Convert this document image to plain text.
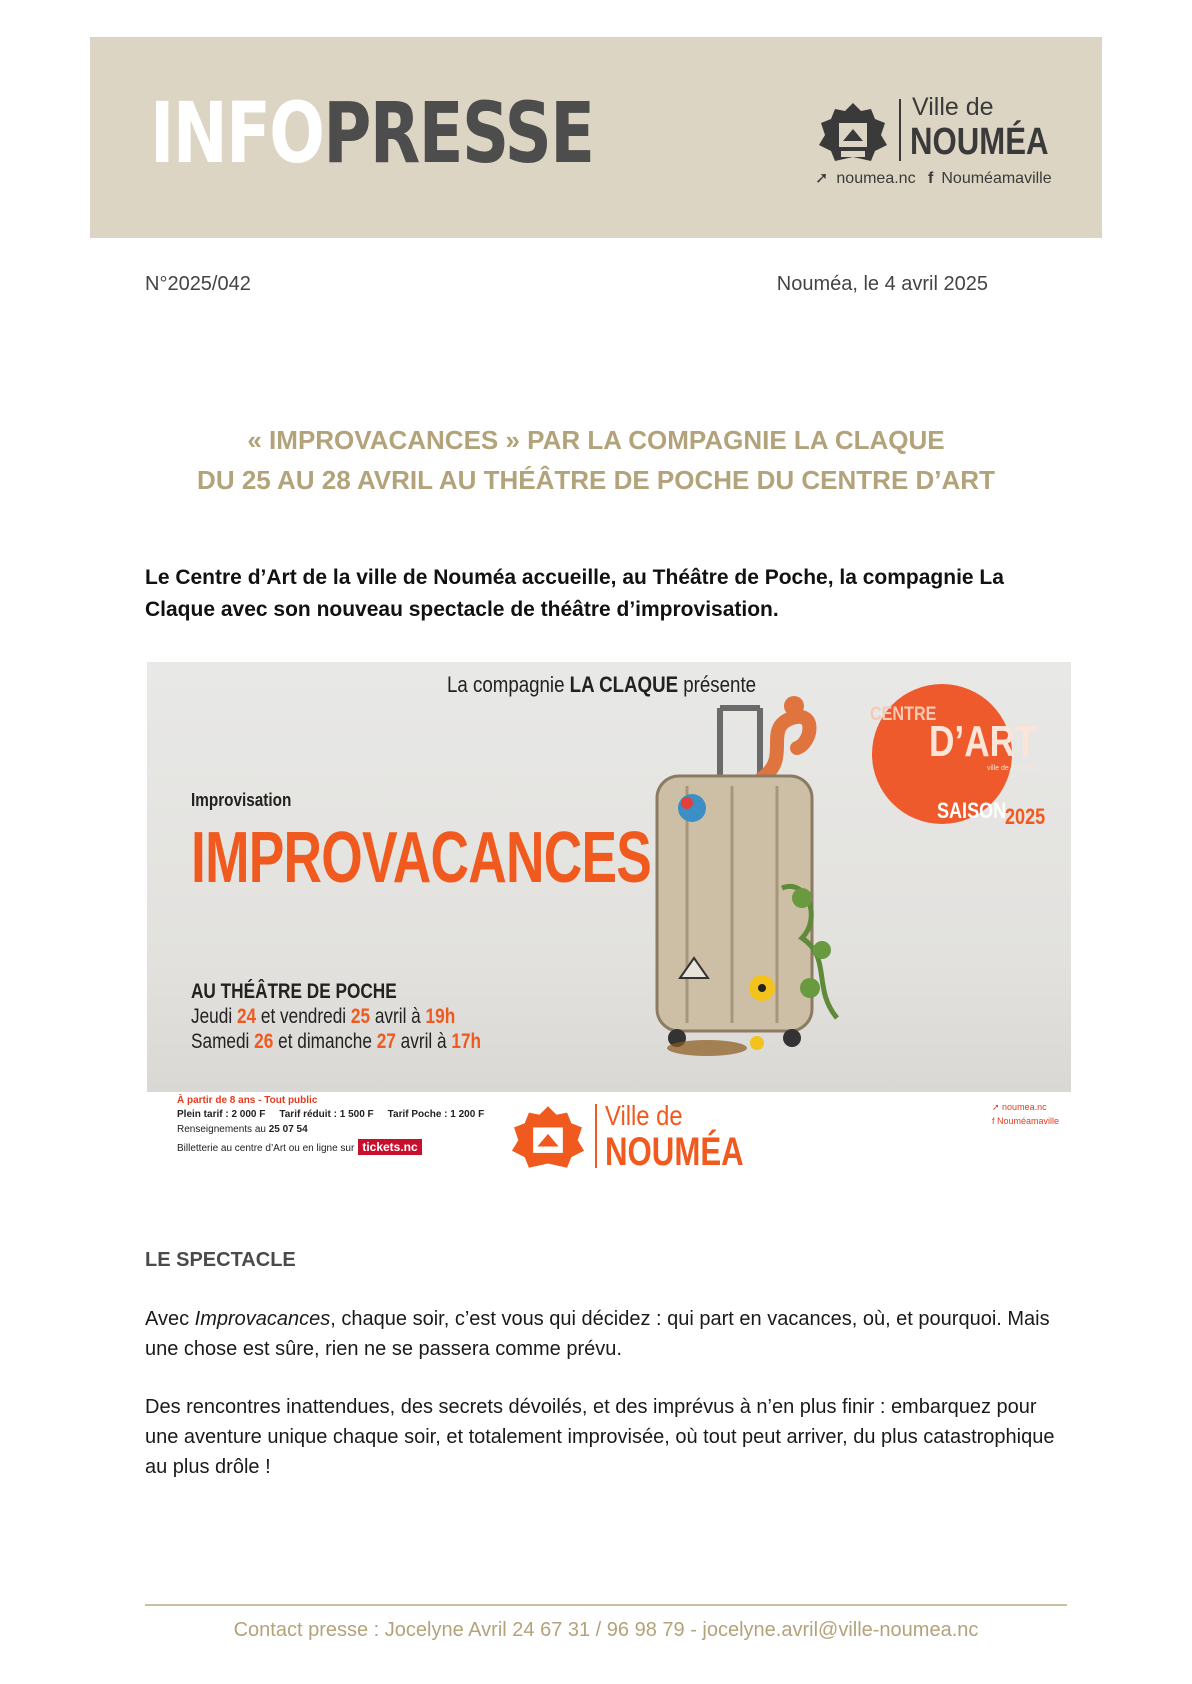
INFOPRESSE	Ville de
NOUMÉA
➚ noumea.nc f Nouméamaville
N°2025/042	Nouméa, le 4 avril 2025
« IMPROVACANCES » PAR LA COMPAGNIE LA CLAQUE
DU 25 AU 28 AVRIL AU THÉÂTRE DE POCHE DU CENTRE D’ART
Le Centre d’Art de la ville de Nouméa accueille, au Théâtre de Poche, la compagnie La Claque avec son nouveau spectacle de théâtre d’improvisation.
CENTRE
D’ART
ville de nouméa
SAISON
2025
La compagnie LA CLAQUE présente
Improvisation
IMPROVACANCES
AU THÉÂTRE DE POCHE
Jeudi 24 et vendredi 25 avril à 19h
Samedi 26 et dimanche 27 avril à 17h
À partir de 8 ans - Tout public
Plein tarif : 2 000 F Tarif réduit : 1 500 F Tarif Poche : 1 200 F
Renseignements au 25 07 54
Billetterie au centre d’Art ou en ligne sur tickets.nc
Ville de
NOUMÉA
➚ noumea.nc
f Nouméamaville
LE SPECTACLE
Avec Improvacances, chaque soir, c’est vous qui décidez : qui part en vacances, où, et pourquoi. Mais une chose est sûre, rien ne se passera comme prévu.
Des rencontres inattendues, des secrets dévoilés, et des imprévus à n’en plus finir : embarquez pour une aventure unique chaque soir, et totalement improvisée, où tout peut arriver, du plus catastrophique au plus drôle !
Contact presse : Jocelyne Avril 24 67 31 / 96 98 79 - jocelyne.avril@ville-noumea.nc
